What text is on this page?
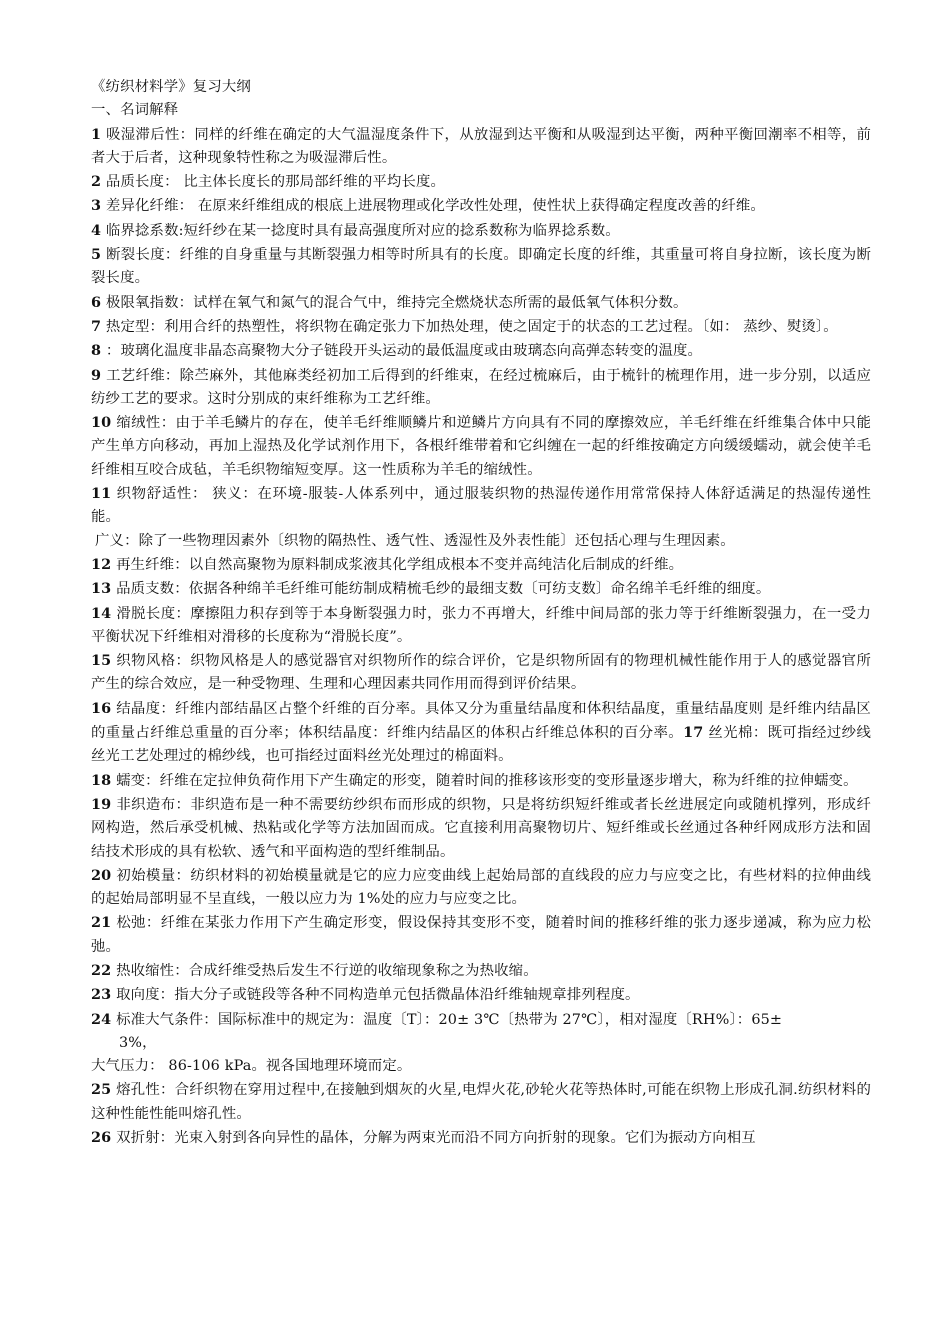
《纺织材料学》复习大纲

一、名词解释

1 吸湿滞后性：同样的纤维在确定的大气温湿度条件下，从放湿到达平衡和从吸湿到达平衡，两种平衡回潮率不相等，前者大于后者，这种现象特性称之为吸湿滞后性。

2 品质长度： 比主体长度长的那局部纤维的平均长度。

3 差异化纤维： 在原来纤维组成的根底上进展物理或化学改性处理，使性状上获得确定程度改善的纤维。

4 临界捻系数:短纤纱在某一捻度时具有最高强度所对应的捻系数称为临界捻系数。

5 断裂长度：纤维的自身重量与其断裂强力相等时所具有的长度。即确定长度的纤维，其重量可将自身拉断，该长度为断裂长度。

6 极限氧指数：试样在氧气和氮气的混合气中，维持完全燃烧状态所需的最低氧气体积分数。

7 热定型：利用合纤的热塑性，将织物在确定张力下加热处理，使之固定于的状态的工艺过程。〔如： 蒸纱、熨烫〕。

8 ：玻璃化温度非晶态高聚物大分子链段开头运动的最低温度或由玻璃态向高弹态转变的温度。

9 工艺纤维：除苎麻外，其他麻类经初加工后得到的纤维束，在经过梳麻后，由于梳针的梳理作用，进一步分别，以适应纺纱工艺的要求。这时分别成的束纤维称为工艺纤维。

10 缩绒性：由于羊毛鳞片的存在，使羊毛纤维顺鳞片和逆鳞片方向具有不同的摩擦效应，羊毛纤维在纤维集合体中只能产生单方向移动，再加上湿热及化学试剂作用下，各根纤维带着和它纠缠在一起的纤维按确定方向缓缓蠕动，就会使羊毛纤维相互咬合成毡，羊毛织物缩短变厚。这一性质称为羊毛的缩绒性。

11 织物舒适性： 狭义：在环境-服装-人体系列中，通过服装织物的热湿传递作用常常保持人体舒适满足的热湿传递性能。

广义：除了一些物理因素外〔织物的隔热性、透气性、透湿性及外表性能〕还包括心理与生理因素。

12 再生纤维：以自然高聚物为原料制成浆液其化学组成根本不变并高纯洁化后制成的纤维。

13 品质支数：依据各种绵羊毛纤维可能纺制成精梳毛纱的最细支数〔可纺支数〕命名绵羊毛纤维的细度。

14 滑脱长度：摩擦阻力积存到等于本身断裂强力时，张力不再增大，纤维中间局部的张力等于纤维断裂强力，在一受力平衡状况下纤维相对滑移的长度称为“滑脱长度”。

15 织物风格：织物风格是人的感觉器官对织物所作的综合评价，它是织物所固有的物理机械性能作用于人的感觉器官所产生的综合效应，是一种受物理、生理和心理因素共同作用而得到评价结果。

16 结晶度：纤维内部结晶区占整个纤维的百分率。具体又分为重量结晶度和体积结晶度，重量结晶度则 是纤维内结晶区的重量占纤维总重量的百分率；体积结晶度：纤维内结晶区的体积占纤维总体积的百分率。17 丝光棉：既可指经过纱线丝光工艺处理过的棉纱线，也可指经过面料丝光处理过的棉面料。

18 蠕变：纤维在定拉伸负荷作用下产生确定的形变，随着时间的推移该形变的变形量逐步增大，称为纤维的拉伸蠕变。

19 非织造布：非织造布是一种不需要纺纱织布而形成的织物，只是将纺织短纤维或者长丝进展定向或随机撑列，形成纤网构造，然后承受机械、热粘或化学等方法加固而成。它直接利用高聚物切片、短纤维或长丝通过各种纤网成形方法和固结技术形成的具有松软、透气和平面构造的型纤维制品。

20 初始模量：纺织材料的初始模量就是它的应力应变曲线上起始局部的直线段的应力与应变之比，有些材料的拉伸曲线的起始局部明显不呈直线，一般以应力为 1%处的应力与应变之比。

21 松弛：纤维在某张力作用下产生确定形变，假设保持其变形不变，随着时间的推移纤维的张力逐步递减，称为应力松弛。

22 热收缩性：合成纤维受热后发生不行逆的收缩现象称之为热收缩。

23 取向度：指大分子或链段等各种不同构造单元包括微晶体沿纤维轴规章排列程度。

24 标准大气条件：国际标准中的规定为：温度〔T〕：20± 3℃〔热带为 27℃〕，相对湿度〔RH%〕：65±

3%，

大气压力： 86-106 kPa。视各国地理环境而定。

25 熔孔性：合纤织物在穿用过程中,在接触到烟灰的火星,电焊火花,砂轮火花等热体时,可能在织物上形成孔洞.纺织材料的这种性能性能叫熔孔性。

26 双折射：光束入射到各向异性的晶体，分解为两束光而沿不同方向折射的现象。它们为振动方向相互
